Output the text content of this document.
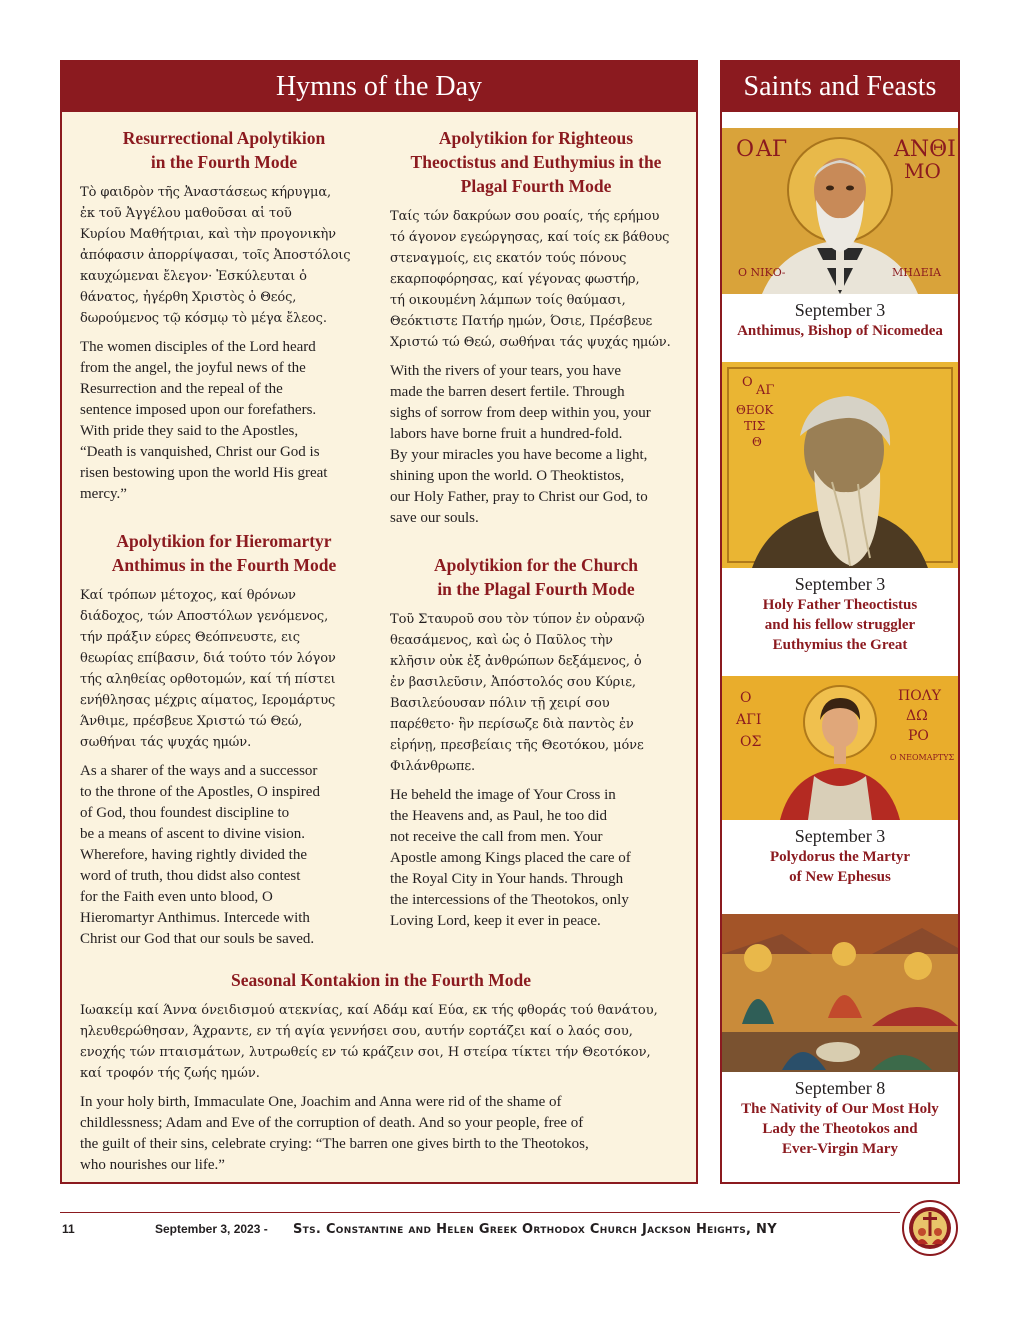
Hymns of the Day
Resurrectional Apolytikion
in the Fourth Mode

Τὸ φαιδρὸν τῆς Ἀναστάσεως κήρυγμα,
ἐκ τοῦ Ἀγγέλου μαθοῦσαι αἱ τοῦ
Κυρίου Μαθήτριαι, καὶ τὴν προγονικὴν
ἀπόφασιν ἀπορρίψασαι, τοῖς Ἀποστόλοις
καυχώμεναι ἔλεγον· Ἐσκύλευται ὁ
θάνατος, ἠγέρθη Χριστὸς ὁ Θεός,
δωρούμενος τῷ κόσμῳ τὸ μέγα ἔλεος.

The women disciples of the Lord heard
from the angel, the joyful news of the
Resurrection and the repeal of the
sentence imposed upon our forefathers.
With pride they said to the Apostles,
“Death is vanquished, Christ our God is
risen bestowing upon the world His great
mercy.”

Apolytikion for Hieromartyr
Anthimus in the Fourth Mode

Καί τρόπων μέτοχος, καί θρόνων
διάδοχος, τών Αποστόλων γενόμενος,
τήν πράξιν εύρες Θεόπνευστε, εις
θεωρίας επίβασιν, διά τούτο τόν λόγον
τής αληθείας ορθοτομών, καί τή πίστει
ενήθλησας μέχρις αίματος, Ιερομάρτυς
Άνθιμε, πρέσβευε Χριστώ τώ Θεώ,
σωθήναι τάς ψυχάς ημών.

As a sharer of the ways and a successor
to the throne of the Apostles, O inspired
of God, thou foundest discipline to
be a means of ascent to divine vision.
Wherefore, having rightly divided the
word of truth, thou didst also contest
for the Faith even unto blood, O
Hieromartyr Anthimus. Intercede with
Christ our God that our souls be saved.

Apolytikion for Righteous
Theoctistus and Euthymius in the
Plagal Fourth Mode

Ταίς τών δακρύων σου ροαίς, τής ερήμου
τό άγονον εγεώργησας, καί τοίς εκ βάθους
στεναγμοίς, εις εκατόν τούς πόνους
εκαρποφόρησας, καί γέγονας φωστήρ,
τή οικουμένη λάμπων τοίς θαύμασι,
Θεόκτιστε Πατήρ ημών, Όσιε, Πρέσβευε
Χριστώ τώ Θεώ, σωθήναι τάς ψυχάς ημών.

With the rivers of your tears, you have
made the barren desert fertile. Through
sighs of sorrow from deep within you, your
labors have borne fruit a hundred-fold.
By your miracles you have become a light,
shining upon the world. O Theoktistos,
our Holy Father, pray to Christ our God, to
save our souls.

Apolytikion for the Church
in the Plagal Fourth Mode

Τοῦ Σταυροῦ σου τὸν τύπον ἐν οὐρανῷ
θεασάμενος, καὶ ὡς ὁ Παῦλος τὴν
κλῆσιν οὐκ ἐξ ἀνθρώπων δεξάμενος, ὁ
ἐν βασιλεῦσιν, Ἀπόστολός σου Κύριε,
Βασιλεύουσαν πόλιν τῇ χειρί σου
παρέθετο· ἣν περίσωζε διὰ παντὸς ἐν
εἰρήνῃ, πρεσβείαις τῆς Θεοτόκου, μόνε
Φιλάνθρωπε.

He beheld the image of Your Cross in
the Heavens and, as Paul, he too did
not receive the call from men. Your
Apostle among Kings placed the care of
the Royal City in Your hands. Through
the intercessions of the Theotokos, only
Loving Lord, keep it ever in peace.

Seasonal Kontakion in the Fourth Mode

Ιωακείμ καί Άννα όνειδισμού ατεκνίας, καί Αδάμ καί Εύα, εκ τής φθοράς τού θανάτου,
ηλευθερώθησαν, Άχραντε, εν τή αγία γεννήσει σου, αυτήν εορτάζει καί ο λαός σου,
ενοχής τών πταισμάτων, λυτρωθείς εν τώ κράζειν σοι, Η στείρα τίκτει τήν Θεοτόκον,
καί τροφόν τής ζωής ημών.

In your holy birth, Immaculate One, Joachim and Anna were rid of the shame of
childlessness; Adam and Eve of the corruption of death. And so your people, free of
the guilt of their sins, celebrate crying: “The barren one gives birth to the Theotokos,
who nourishes our life.”

Saints and Feasts
Ο ΑΓ	ΑΝΘΙ
ΜΟ
Ο ΝΙΚΟ-	ΜΗΔΕΙΑ
September 3
Anthimus, Bishop of Nicomedea
Ο
ΑΓ
ΘΕΟΚ
ΤΙΣ
Θ
September 3
Holy Father Theoctistus
and his fellow struggler
Euthymius the Great
Ο
ΑΓΙ
ΟΣ
ΠΟΛΥ
ΔΩ
ΡΟ
Ο ΝΕΟΜΑΡΤΥΣ
September 3
Polydorus the Martyr
of New Ephesus
September 8
The Nativity of Our Most Holy
Lady the Theotokos and
Ever-Virgin Mary
11	September 3, 2023 - Sts. Constantine and Helen Greek Orthodox Church Jackson Heights, NY
